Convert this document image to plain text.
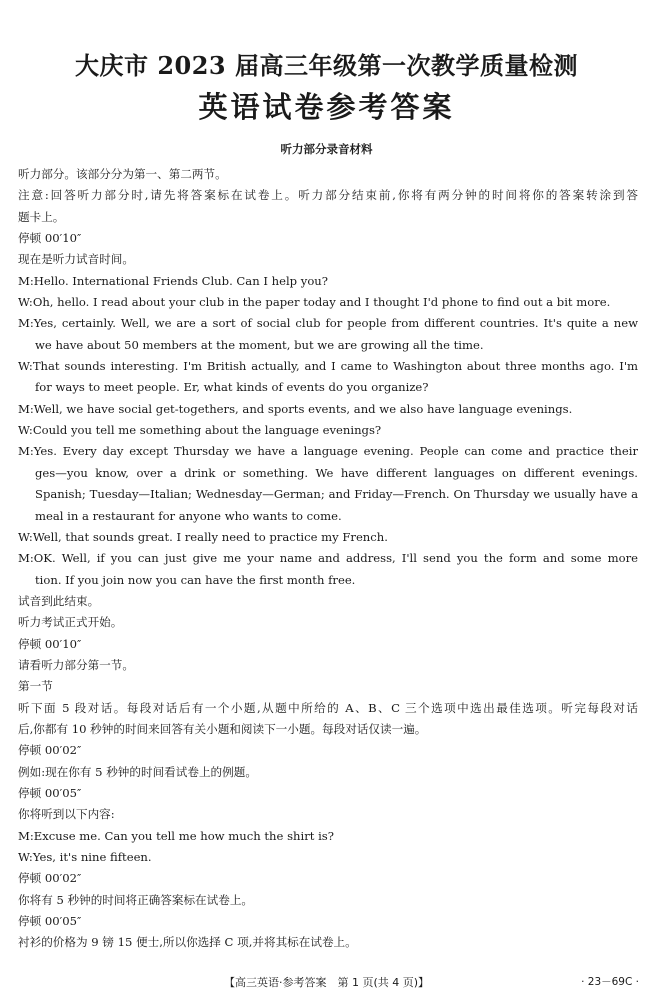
大庆市 2023 届高三年级第一次教学质量检测
英语试卷参考答案
听力部分录音材料
听力部分。该部分分为第一、第二两节。
注意:回答听力部分时,请先将答案标在试卷上。听力部分结束前,你将有两分钟的时间将你的答案转涂到答
题卡上。
停顿 00′10″
现在是听力试音时间。
M:Hello. International Friends Club. Can I help you?
W:Oh, hello. I read about your club in the paper today and I thought I'd phone to find out a bit more.
M:Yes, certainly. Well, we are a sort of social club for people from different countries. It's quite a new
we have about 50 members at the moment, but we are growing all the time.
W:That sounds interesting. I'm British actually, and I came to Washington about three months ago. I'm
for ways to meet people. Er, what kinds of events do you organize?
M:Well, we have social get-togethers, and sports events, and we also have language evenings.
W:Could you tell me something about the language evenings?
M:Yes. Every day except Thursday we have a language evening. People can come and practice their
ges—you know, over a drink or something. We have different languages on different evenings.
Spanish; Tuesday—Italian; Wednesday—German; and Friday—French. On Thursday we usually have a
meal in a restaurant for anyone who wants to come.
W:Well, that sounds great. I really need to practice my French.
M:OK. Well, if you can just give me your name and address, I'll send you the form and some more
tion. If you join now you can have the first month free.
试音到此结束。
听力考试正式开始。
停顿 00′10″
请看听力部分第一节。
第一节
听下面 5 段对话。每段对话后有一个小题,从题中所给的 A、B、C 三个选项中选出最佳选项。听完每段对话
后,你都有 10 秒钟的时间来回答有关小题和阅读下一小题。每段对话仅读一遍。
停顿 00′02″
例如:现在你有 5 秒钟的时间看试卷上的例题。
停顿 00′05″
你将听到以下内容:
M:Excuse me. Can you tell me how much the shirt is?
W:Yes, it's nine fifteen.
停顿 00′02″
你将有 5 秒钟的时间将正确答案标在试卷上。
停顿 00′05″
衬衫的价格为 9 镑 15 便士,所以你选择 C 项,并将其标在试卷上。
【高三英语·参考答案　第 1 页(共 4 页)】	· 23－69C ·
